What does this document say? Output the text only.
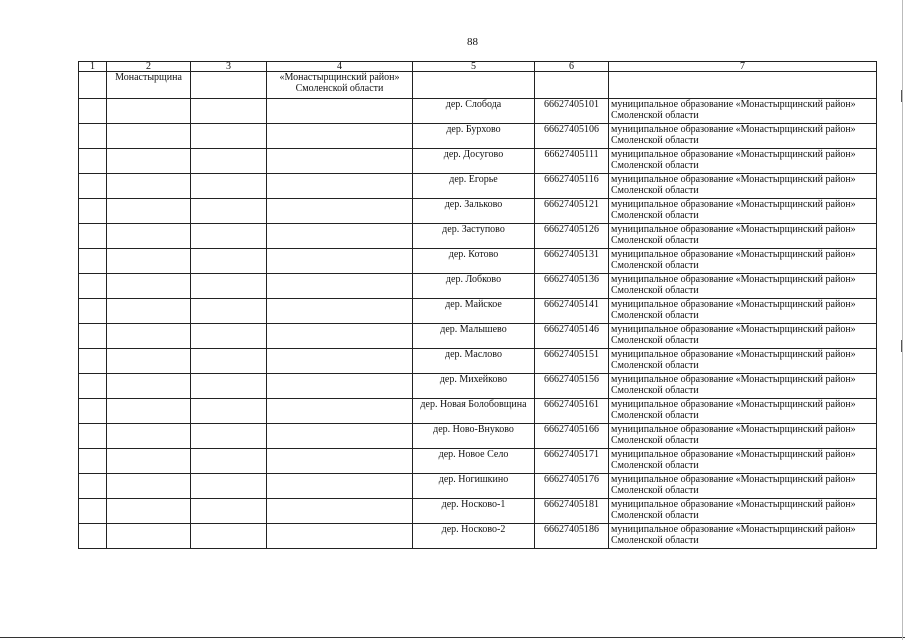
88
1	2	3	4	5	6	7
	Монастырщина		«Монастырщинский район» Смоленской области			
				дер. Слобода	66627405101	муниципальное образование «Монастырщинский район» Смоленской области
				дер. Бурхово	66627405106	муниципальное образование «Монастырщинский район» Смоленской области
				дер. Досугово	66627405111	муниципальное образование «Монастырщинский район» Смоленской области
				дер. Егорье	66627405116	муниципальное образование «Монастырщинский район» Смоленской области
				дер. Зальково	66627405121	муниципальное образование «Монастырщинский район» Смоленской области
				дер. Заступово	66627405126	муниципальное образование «Монастырщинский район» Смоленской области
				дер. Котово	66627405131	муниципальное образование «Монастырщинский район» Смоленской области
				дер. Лобково	66627405136	муниципальное образование «Монастырщинский район» Смоленской области
				дер. Майское	66627405141	муниципальное образование «Монастырщинский район» Смоленской области
				дер. Малышево	66627405146	муниципальное образование «Монастырщинский район» Смоленской области
				дер. Маслово	66627405151	муниципальное образование «Монастырщинский район» Смоленской области
				дер. Михейково	66627405156	муниципальное образование «Монастырщинский район» Смоленской области
				дер. Новая Болобовщина	66627405161	муниципальное образование «Монастырщинский район» Смоленской области
				дер. Ново-Внуково	66627405166	муниципальное образование «Монастырщинский район» Смоленской области
				дер. Новое Село	66627405171	муниципальное образование «Монастырщинский район» Смоленской области
				дер. Ногишкино	66627405176	муниципальное образование «Монастырщинский район» Смоленской области
				дер. Носково-1	66627405181	муниципальное образование «Монастырщинский район» Смоленской области
				дер. Носково-2	66627405186	муниципальное образование «Монастырщинский район» Смоленской области
